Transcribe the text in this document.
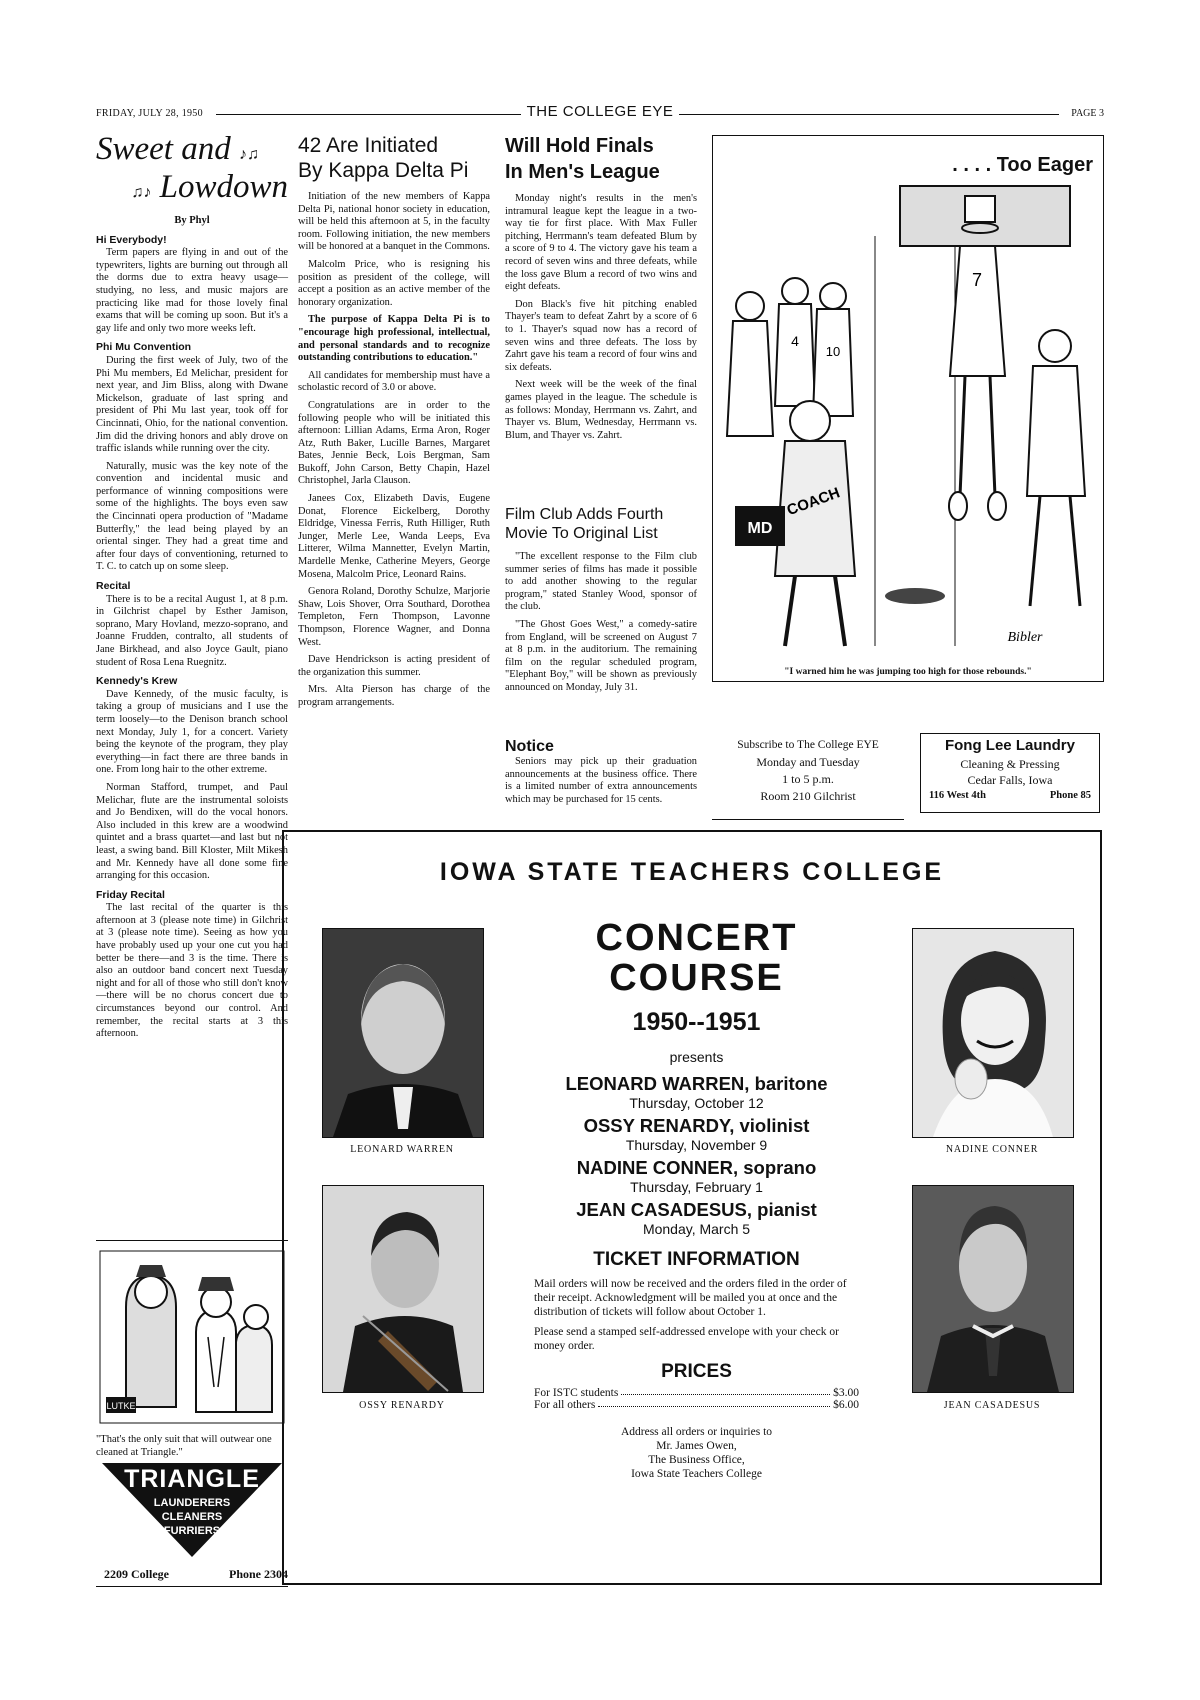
FRIDAY, JULY 28, 1950	THE COLLEGE EYE	PAGE 3
Sweet and ♪♫
♫♪ Lowdown
By Phyl
Hi Everybody!

Term papers are flying in and out of the typewriters, lights are burning out through all the dorms due to extra heavy usage—studying, no less, and music majors are practicing like mad for those lovely final exams that will be coming up soon. But it's a gay life and only two more weeks left.

Phi Mu Convention

During the first week of July, two of the Phi Mu members, Ed Melichar, president for next year, and Jim Bliss, along with Dwane Mickelson, graduate of last spring and president of Phi Mu last year, took off for Cincinnati, Ohio, for the national convention. Jim did the driving honors and ably drove on traffic islands while running over the city.

Naturally, music was the key note of the convention and incidental music and performance of winning compositions were some of the highlights. The boys even saw the Cincinnati opera production of "Madame Butterfly," the lead being played by an oriental singer. They had a great time and after four days of conventioning, returned to T. C. to catch up on some sleep.

Recital

There is to be a recital August 1, at 8 p.m. in Gilchrist chapel by Esther Jamison, soprano, Mary Hovland, mezzo-soprano, and Joanne Frudden, contralto, all students of Jane Birkhead, and also Joyce Gault, piano student of Rosa Lena Ruegnitz.

Kennedy's Krew

Dave Kennedy, of the music faculty, is taking a group of musicians and I use the term loosely—to the Denison branch school next Monday, July 1, for a concert. Variety being the keynote of the program, they play everything—in fact there are three bands in one. From long hair to the other extreme.

Norman Stafford, trumpet, and Paul Melichar, flute are the instrumental soloists and Jo Bendixen, will do the vocal honors. Also included in this krew are a woodwind quintet and a brass quartet—and last but not least, a swing band. Bill Kloster, Milt Mikesh and Mr. Kennedy have all done some fine arranging for this occasion.

Friday Recital

The last recital of the quarter is this afternoon at 3 (please note time) in Gilchrist at 3 (please note time). Seeing as how you have probably used up your one cut you had better be there—and 3 is the time. There is also an outdoor band concert next Tuesday night and for all of those who still don't know—there will be no chorus concert due to circumstances beyond our control. And remember, the recital starts at 3 this afternoon.

LUTKE
"That's the only suit that will outwear one cleaned at Triangle."
TRIANGLE
LAUNDERERS
CLEANERS
FURRIERS
2209 College	Phone 2304
42 Are Initiated
By Kappa Delta Pi

Initiation of the new members of Kappa Delta Pi, national honor society in education, will be held this afternoon at 5, in the faculty room. Following initiation, the new members will be honored at a banquet in the Commons.

Malcolm Price, who is resigning his position as president of the college, will accept a position as an active member of the honorary organization.

The purpose of Kappa Delta Pi is to "encourage high professional, intellectual, and personal standards and to recognize outstanding contributions to education."

All candidates for membership must have a scholastic record of 3.0 or above.

Congratulations are in order to the following people who will be initiated this afternoon: Lillian Adams, Erma Aron, Roger Atz, Ruth Baker, Lucille Barnes, Margaret Bates, Jennie Beck, Lois Bergman, Sam Bukoff, John Carson, Betty Chapin, Hazel Christophel, Jarla Clauson.

Janees Cox, Elizabeth Davis, Eugene Donat, Florence Eickelberg, Dorothy Eldridge, Vinessa Ferris, Ruth Hilliger, Ruth Junger, Merle Lee, Wanda Leeps, Eva Litterer, Wilma Mannetter, Evelyn Martin, Mardelle Menke, Catherine Meyers, George Mosena, Malcolm Price, Leonard Rains.

Genora Roland, Dorothy Schulze, Marjorie Shaw, Lois Shover, Orra Southard, Dorothea Templeton, Fern Thompson, Lavonne Thompson, Florence Wagner, and Donna West.

Dave Hendrickson is acting president of the organization this summer.

Mrs. Alta Pierson has charge of the program arrangements.

Will Hold Finals
In Men's League

Monday night's results in the men's intramural league kept the league in a two-way tie for first place. With Max Fuller pitching, Herrmann's team defeated Blum by a score of 9 to 4. The victory gave his team a record of seven wins and three defeats, while the loss gave Blum a record of two wins and eight defeats.

Don Black's five hit pitching enabled Thayer's team to defeat Zahrt by a score of 6 to 1. Thayer's squad now has a record of seven wins and three defeats. The loss by Zahrt gave his team a record of four wins and six defeats.

Next week will be the week of the final games played in the league. The schedule is as follows: Monday, Herrmann vs. Zahrt, and Thayer vs. Blum, Wednesday, Herrmann vs. Blum, and Thayer vs. Zahrt.

Film Club Adds Fourth
Movie To Original List

"The excellent response to the Film club summer series of films has made it possible to add another showing to the regular program," stated Stanley Wood, sponsor of the club.

"The Ghost Goes West," a comedy-satire from England, will be screened on August 7 at 8 p.m. in the auditorium. The remaining film on the regular scheduled program, "Elephant Boy," will be shown as previously announced on Monday, July 31.

Notice

Seniors may pick up their graduation announcements at the business office. There is a limited number of extra announcements which may be purchased for 15 cents.

. . . . Too Eager
7
4
10
COACH
MD
Bibler
"I warned him he was jumping too high for those rebounds."
Subscribe to The College EYE
Monday and Tuesday
1 to 5 p.m.
Room 210 Gilchrist
Fong Lee Laundry
Cleaning & Pressing
Cedar Falls, Iowa
116 West 4th	Phone 85
IOWA STATE TEACHERS COLLEGE
LEONARD WARREN
OSSY RENARDY
NADINE CONNER
JEAN CASADESUS
CONCERT
COURSE
1950--1951
presents
LEONARD WARREN, baritone
Thursday, October 12
OSSY RENARDY, violinist
Thursday, November 9
NADINE CONNER, soprano
Thursday, February 1
JEAN CASADESUS, pianist
Monday, March 5
TICKET INFORMATION
Mail orders will now be received and the orders filed in the order of their receipt. Acknowledgment will be mailed you at once and the distribution of tickets will follow about October 1.
Please send a stamped self-addressed envelope with your check or money order.
PRICES
For ISTC students	$3.00
For all others	$6.00
Address all orders or inquiries to
Mr. James Owen,
The Business Office,
Iowa State Teachers College
